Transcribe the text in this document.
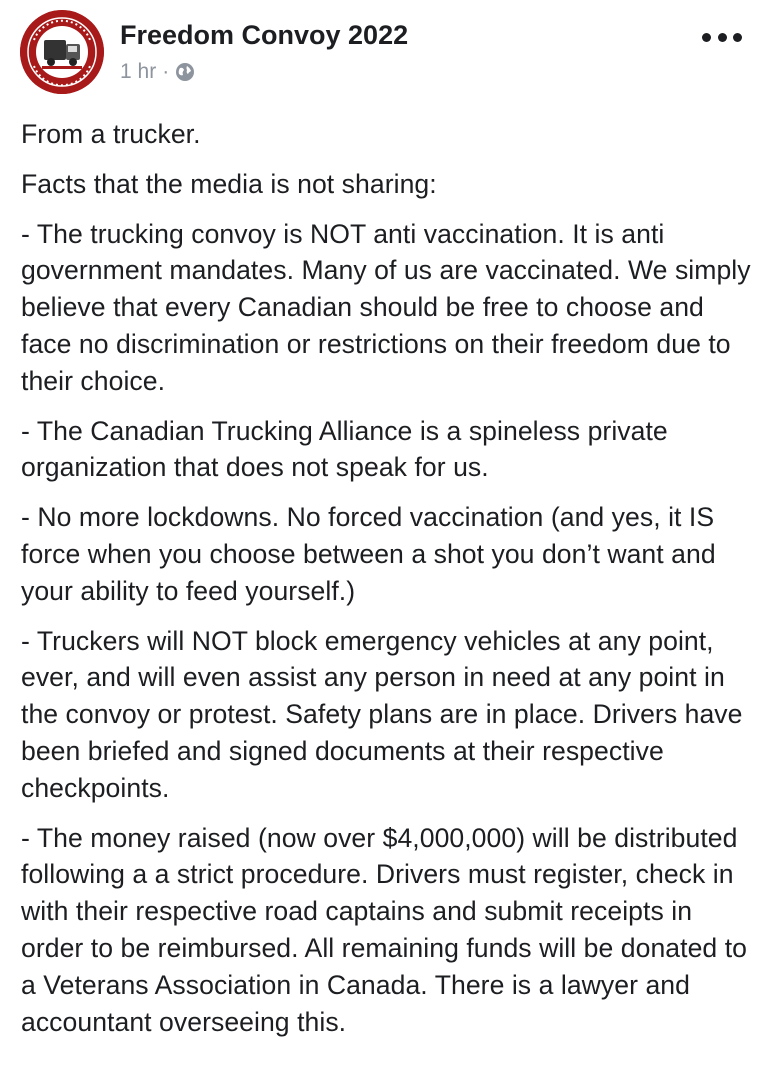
Freedom Convoy 2022
1 hr ·

From a trucker.

Facts that the media is not sharing:

- The trucking convoy is NOT anti vaccination. It is anti government mandates. Many of us are vaccinated. We simply believe that every Canadian should be free to choose and face no discrimination or restrictions on their freedom due to their choice.

- The Canadian Trucking Alliance is a spineless private organization that does not speak for us.

- No more lockdowns. No forced vaccination (and yes, it IS force when you choose between a shot you don’t want and your ability to feed yourself.)

- Truckers will NOT block emergency vehicles at any point, ever, and will even assist any person in need at any point in the convoy or protest. Safety plans are in place. Drivers have been briefed and signed documents at their respective checkpoints.

- The money raised (now over $4,000,000) will be distributed following a a strict procedure. Drivers must register, check in with their respective road captains and submit receipts in order to be reimbursed. All remaining funds will be donated to a Veterans Association in Canada. There is a lawyer and accountant overseeing this.
